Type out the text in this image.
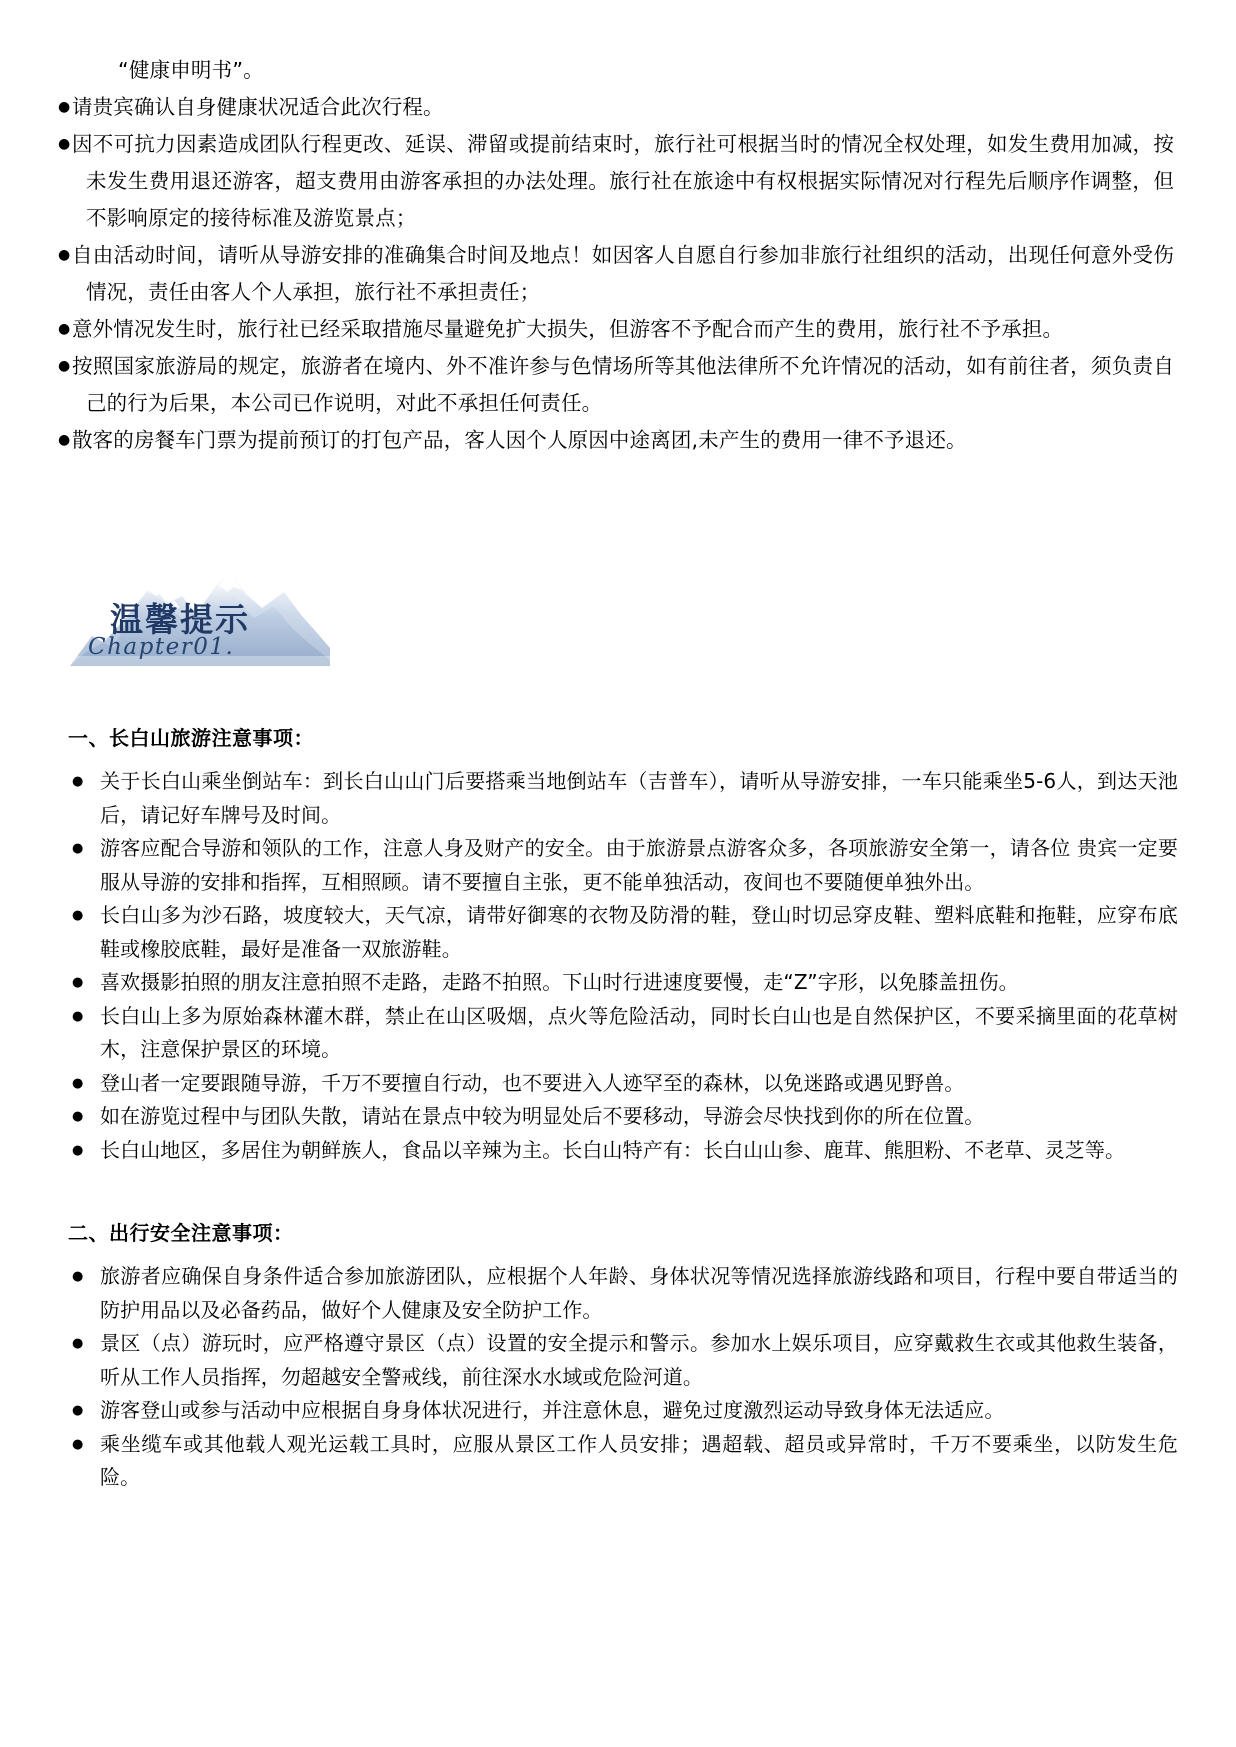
“健康申明书”。
● 请贵宾确认自身健康状况适合此次行程。
● 因不可抗力因素造成团队行程更改、延误、滞留或提前结束时，旅行社可根据当时的情况全权处理，如发生费用加减，按未发生费用退还游客，超支费用由游客承担的办法处理。旅行社在旅途中有权根据实际情况对行程先后顺序作调整，但不影响原定的接待标准及游览景点；
● 自由活动时间，请听从导游安排的准确集合时间及地点！如因客人自愿自行参加非旅行社组织的活动，出现任何意外受伤情况，责任由客人个人承担，旅行社不承担责任；
● 意外情况发生时，旅行社已经采取措施尽量避免扩大损失，但游客不予配合而产生的费用，旅行社不予承担。
● 按照国家旅游局的规定，旅游者在境内、外不准许参与色情场所等其他法律所不允许情况的活动，如有前往者，须负责自己的行为后果，本公司已作说明，对此不承担任何责任。
● 散客的房餐车门票为提前预订的打包产品，客人因个人原因中途离团,未产生的费用一律不予退还。
温馨提示
Chapter01.
一、长白山旅游注意事项：
● 关于长白山乘坐倒站车：到长白山山门后要搭乘当地倒站车（吉普车），请听从导游安排，一车只能乘坐5-6人，到达天池后，请记好车牌号及时间。
● 游客应配合导游和领队的工作，注意人身及财产的安全。由于旅游景点游客众多，各项旅游安全第一，请各位 贵宾一定要服从导游的安排和指挥，互相照顾。请不要擅自主张，更不能单独活动，夜间也不要随便单独外出。
● 长白山多为沙石路，坡度较大，天气凉，请带好御寒的衣物及防滑的鞋，登山时切忌穿皮鞋、塑料底鞋和拖鞋，应穿布底鞋或橡胶底鞋，最好是准备一双旅游鞋。
● 喜欢摄影拍照的朋友注意拍照不走路，走路不拍照。下山时行进速度要慢，走“Z”字形，以免膝盖扭伤。
● 长白山上多为原始森林灌木群，禁止在山区吸烟，点火等危险活动，同时长白山也是自然保护区，不要采摘里面的花草树木，注意保护景区的环境。
● 登山者一定要跟随导游，千万不要擅自行动，也不要进入人迹罕至的森林，以免迷路或遇见野兽。
● 如在游览过程中与团队失散，请站在景点中较为明显处后不要移动，导游会尽快找到你的所在位置。
● 长白山地区，多居住为朝鲜族人，食品以辛辣为主。长白山特产有：长白山山参、鹿茸、熊胆粉、不老草、灵芝等。
二、出行安全注意事项：
● 旅游者应确保自身条件适合参加旅游团队，应根据个人年龄、身体状况等情况选择旅游线路和项目，行程中要自带适当的防护用品以及必备药品，做好个人健康及安全防护工作。
● 景区（点）游玩时，应严格遵守景区（点）设置的安全提示和警示。参加水上娱乐项目，应穿戴救生衣或其他救生装备，听从工作人员指挥，勿超越安全警戒线，前往深水水域或危险河道。
● 游客登山或参与活动中应根据自身身体状况进行，并注意休息，避免过度激烈运动导致身体无法适应。
● 乘坐缆车或其他载人观光运载工具时，应服从景区工作人员安排；遇超载、超员或异常时，千万不要乘坐，以防发生危险。
